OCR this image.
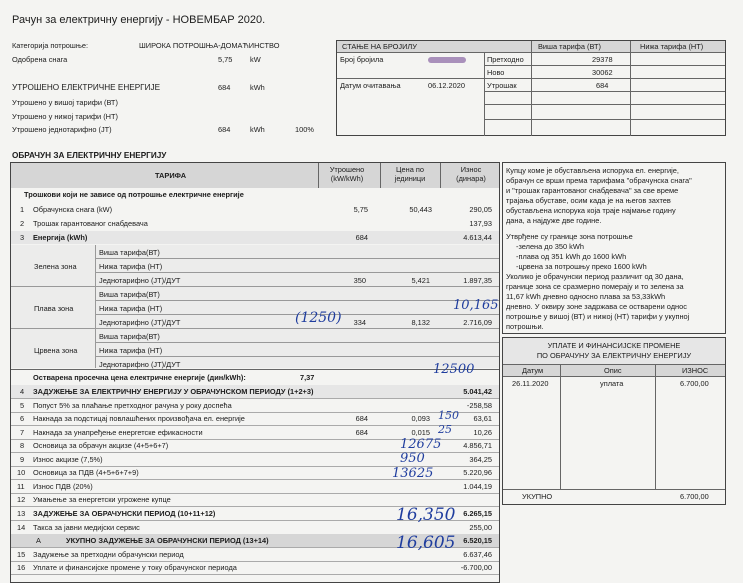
Рачун за електричну енергију - НОВЕМБАР 2020.
Категорија потрошње:	ШИРОКА ПОТРОШЊА-ДОМАЋИНСТВО
Одобрена снага	5,75 kW
УТРОШЕНО ЕЛЕКТРИЧНЕ ЕНЕРГИЈЕ	684	kWh
Утрошено у вишој тарифи (ВТ)
Утрошено у нижој тарифи (НТ)
Утрошено једнотарифно (ЈТ)	684	kWh	100%
СТАЊЕ НА БРОЈИЛУ	Виша тарифа (ВТ)	Нижа тарифа (НТ)
Број бројила	Претходно	29378
Ново	30062
Датум очитавања	06.12.2020	Утрошак	684
ОБРАЧУН ЗА ЕЛЕКТРИЧНУ ЕНЕРГИЈУ
ТАРИФА
Утрошено (kW/kWh)
Цена по јединици
Износ (динара)
Трошкови који не зависе од потрошње електричне енергије
1 Обрачунска снага (kW)	5,75	50,443	290,05
2 Трошак гарантованог снабдевача	137,93
3 Енергија (kWh)	684	4.613,44
Зелена зона
Виша тарифа(ВТ)
Нижа тарифа (НТ)
Једнотарифно (ЈТ)/ДУТ	350	5,421	1.897,35
Плава зона
Виша тарифа(ВТ)
Нижа тарифа (НТ)
Једнотарифно (ЈТ)/ДУТ	334	8,132	2.716,09
Црвена зона
Виша тарифа(ВТ)
Нижа тарифа (НТ)
Једнотарифно (ЈТ)/ДУТ
Остварена просечна цена електричне енергије (дин/kWh):	7,37
4 ЗАДУЖЕЊЕ ЗА ЕЛЕКТРИЧНУ ЕНЕРГИЈУ У ОБРАЧУНСКОМ ПЕРИОДУ (1+2+3)	5.041,42
5 Попуст 5% за плаћање претходног рачуна у року доспећа	-258,58
6 Накнада за подстицај повлашћених произвођача ел. енергије	684	0,093	63,61
7 Накнада за унапређење енергетске ефикасности	684	0,015	10,26
8 Основица за обрачун акцизе (4+5+6+7)	4.856,71
9 Износ акцизе (7,5%)	364,25
10 Основица за ПДВ (4+5+6+7+9)	5.220,96
11 Износ ПДВ (20%)	1.044,19
12 Умањење за енергетски угрожене купце
13 ЗАДУЖЕЊЕ ЗА ОБРАЧУНСКИ ПЕРИОД (10+11+12)	6.265,15
14 Такса за јавни медијски сервис	255,00
A	УКУПНО ЗАДУЖЕЊЕ ЗА ОБРАЧУНСКИ ПЕРИОД (13+14)	6.520,15
15 Задужење за претходни обрачунски период	6.637,46
16 Уплате и финансијске промене у току обрачунског периода	-6.700,00
Купцу коме је обустављена испорука ел. енергије,
обрачун се врши према тарифама "обрачунска снага"
и "трошак гарантованог снабдевача" за све време
трајања обуставе, осим када је на његов захтев
обустављена испорука која траје најмање годину
дана, а најдуже две године.
Утврђене су границе зона потрошње
-зелена до 350 kWh
-плава од 351 kWh до 1600 kWh
-црвена за потрошњу преко 1600 kWh
Уколико је обрачунски период различит од 30 дана,
границе зона се сразмерно померају и то зелена за
11,67 kWh дневно односно плава за 53,33kWh
дневно. У оквиру зоне задржава се остварени однос
потрошње у вишој (ВТ) и нижој (НТ) тарифи у укупној
потрошњи.
УПЛАТЕ И ФИНАНСИЈСКЕ ПРОМЕНЕ
ПО ОБРАЧУНУ ЗА ЕЛЕКТРИЧНУ ЕНЕРГИЈУ
Датум	Опис	ИЗНОС
26.11.2020	уплата	6.700,00
УКУПНО	6.700,00
(1250)
10,165
12500
150
25
12675
950
13625
16,350
16,605
